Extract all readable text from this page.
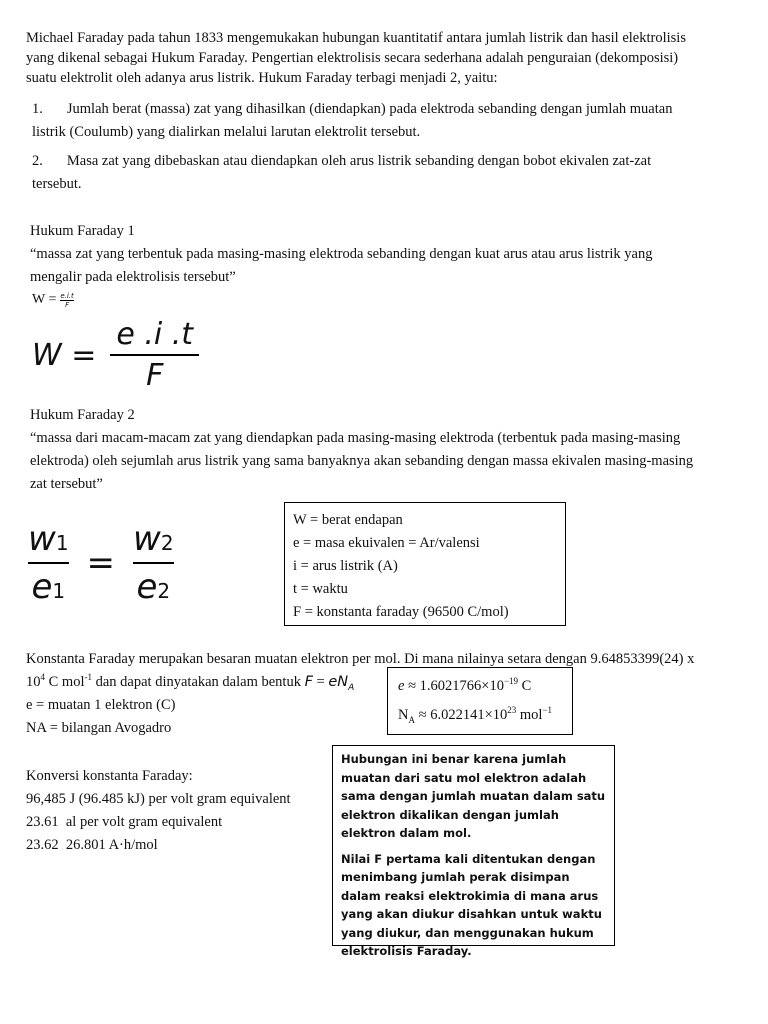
Michael Faraday pada tahun 1833 mengemukakan hubungan kuantitatif antara jumlah listrik dan hasil elektrolisis
yang dikenal sebagai Hukum Faraday. Pengertian elektrolisis secara sederhana adalah penguraian (dekomposisi)
suatu elektrolit oleh adanya arus listrik. Hukum Faraday terbagi menjadi 2, yaitu:
1. Jumlah berat (massa) zat yang dihasilkan (diendapkan) pada elektroda sebanding dengan jumlah muatan
listrik (Coulumb) yang dialirkan melalui larutan elektrolit tersebut.
2. Masa zat yang dibebaskan atau diendapkan oleh arus listrik sebanding dengan bobot ekivalen zat-zat
tersebut.
Hukum Faraday 1
“massa zat yang terbentuk pada masing-masing elektroda sebanding dengan kuat arus atau arus listrik yang
mengalir pada elektrolisis tersebut”
$W = \frac{e.i.t}{F}$
$W = \frac{e .i .t}{F}$
Hukum Faraday 2
“massa dari macam-macam zat yang diendapkan pada masing-masing elektroda (terbentuk pada masing-masing
elektroda) oleh sejumlah arus listrik yang sama banyaknya akan sebanding dengan massa ekivalen masing-masing
zat tersebut”
$\frac{w1}{e1} = \frac{w2}{e2}$	W = berat endapan
e = masa ekuivalen = Ar/valensi
i = arus listrik (A)
t = waktu
F = konstanta faraday (96500 C/mol)
Konstanta Faraday merupakan besaran muatan elektron per mol. Di mana nilainya setara dengan 9.64853399(24) x
$10^4$ C mol$^{-1}$ dan dapat dinyatakan dalam bentuk $F = eN_A$
e = muatan 1 elektron (C)
NA = bilangan Avogadro
$e \approx 1.6021766\times 10^{-19}$ C
$N_A \approx 6.022141\times 10^{23}$ mol$^{-1}$
Konversi konstanta Faraday:
96,485 J (96.485 kJ) per volt gram equivalent
23.61  al per volt gram equivalent
23.62  26.801 A·h/mol
Hubungan ini benar karena jumlah muatan dari satu mol elektron adalah sama dengan jumlah muatan dalam satu elektron dikalikan dengan jumlah elektron dalam mol.
Nilai F pertama kali ditentukan dengan menimbang jumlah perak disimpan dalam reaksi elektrokimia di mana arus yang akan diukur disahkan untuk waktu yang diukur, dan menggunakan hukum elektrolisis Faraday.
